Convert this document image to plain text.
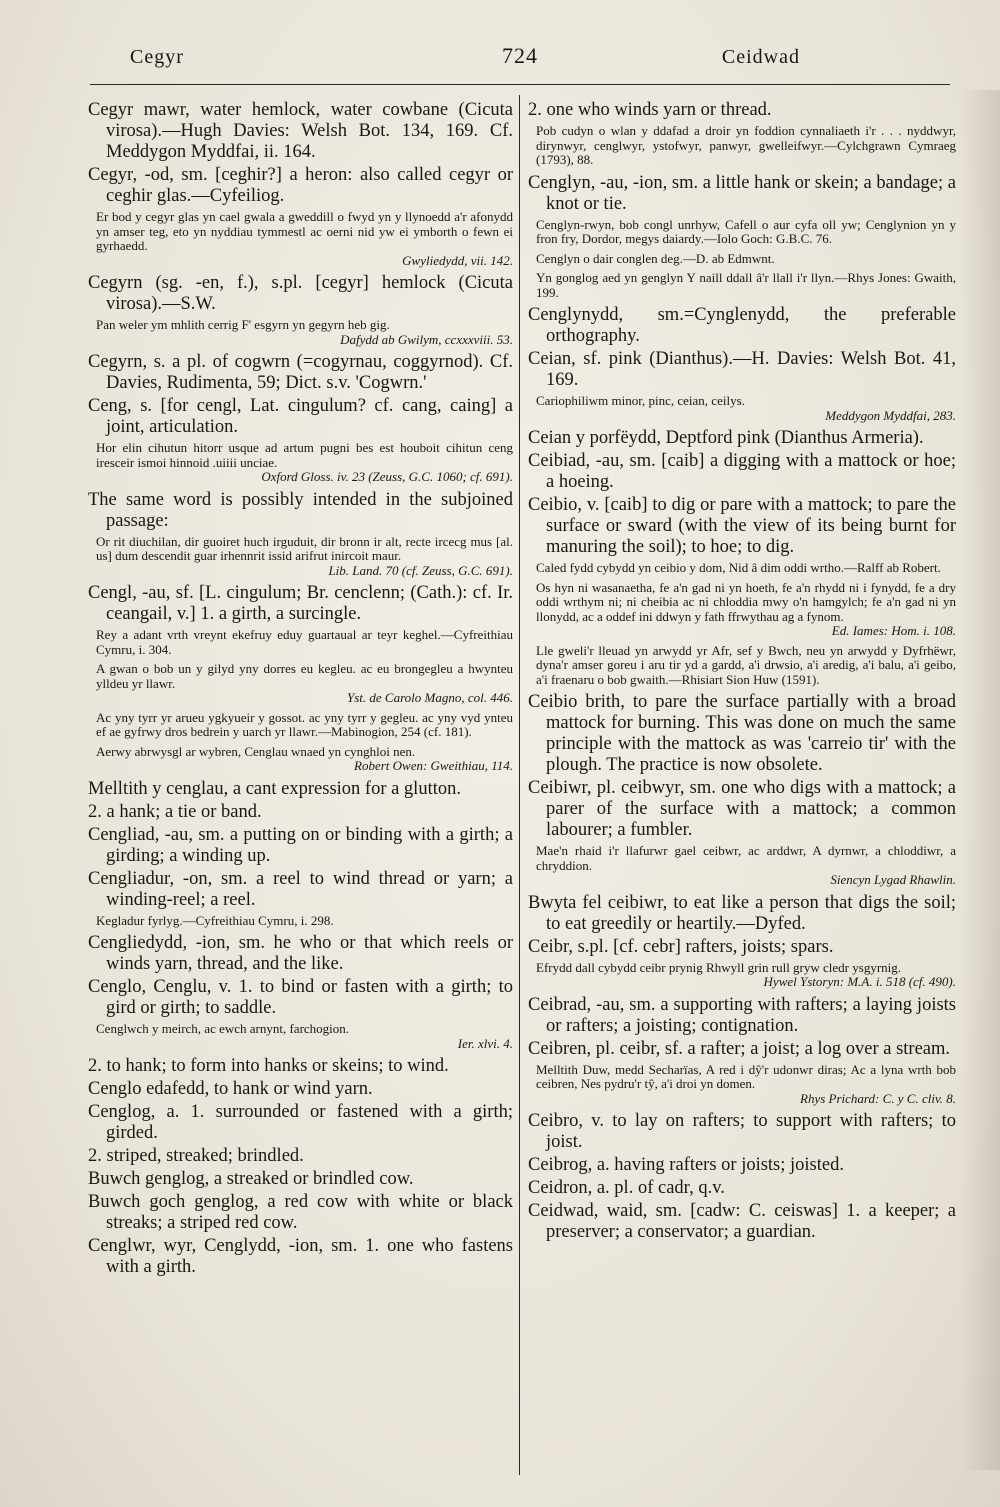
Cegyr	724	Ceidwad

Cegyr mawr, water hemlock, water cowbane (Cicuta virosa).—Hugh Davies: Welsh Bot. 134, 169. Cf. Meddygon Myddfai, ii. 164.

Cegyr, -od, sm. [ceghir?] a heron: also called cegyr or ceghir glas.—Cyfeiliog.

Er bod y cegyr glas yn cael gwala a gweddill o fwyd yn y llynoedd a'r afonydd yn amser teg, eto yn nyddiau tymmestl ac oerni nid yw ei ymborth o fewn ei gyrhaedd.
Gwyliedydd, vii. 142.

Cegyrn (sg. -en, f.), s.pl. [cegyr] hemlock (Cicuta virosa).—S.W.

Pan weler ym mhlith cerrig F' esgyrn yn gegyrn heb gig.
Dafydd ab Gwilym, ccxxxviii. 53.

Cegyrn, s. a pl. of cogwrn (=cogyrnau, coggyrnod). Cf. Davies, Rudimenta, 59; Dict. s.v. 'Cogwrn.'

Ceng, s. [for cengl, Lat. cingulum? cf. cang, caing] a joint, articulation.

Hor elin cihutun hitorr usque ad artum pugni bes est houboit cihitun ceng iresceir ismoi hinnoid .uiiii unciae.
Oxford Gloss. iv. 23 (Zeuss, G.C. 1060; cf. 691).

The same word is possibly intended in the subjoined passage:

Or rit diuchilan, dir guoiret huch irguduit, dir bronn ir alt, recte ircecg mus [al. us] dum descendit guar irhennrit issid arifrut inircoit maur.
Lib. Land. 70 (cf. Zeuss, G.C. 691).

Cengl, -au, sf. [L. cingulum; Br. cenclenn; (Cath.): cf. Ir. ceangail, v.] 1. a girth, a surcingle.

Rey a adant vrth vreynt ekefruy eduy guartaual ar teyr keghel.—Cyfreithiau Cymru, i. 304.
A gwan o bob un y gilyd yny dorres eu kegleu. ac eu brongegleu a hwynteu ylldeu yr llawr.
Yst. de Carolo Magno, col. 446.
Ac yny tyrr yr arueu ygkyueir y gossot. ac yny tyrr y gegleu. ac yny vyd ynteu ef ae gyfrwy dros bedrein y uarch yr llawr.—Mabinogion, 254 (cf. 181).
Aerwy abrwysgl ar wybren, Cenglau wnaed yn cynghloi nen.
Robert Owen: Gweithiau, 114.

Melltith y cenglau, a cant expression for a glutton.

2. a hank; a tie or band.

Cengliad, -au, sm. a putting on or binding with a girth; a girding; a winding up.

Cengliadur, -on, sm. a reel to wind thread or yarn; a winding-reel; a reel.

Kegladur fyrlyg.—Cyfreithiau Cymru, i. 298.

Cengliedydd, -ion, sm. he who or that which reels or winds yarn, thread, and the like.

Cenglo, Cenglu, v. 1. to bind or fasten with a girth; to gird or girth; to saddle.

Cenglwch y meirch, ac ewch arnynt, farchogion.
Ier. xlvi. 4.

2. to hank; to form into hanks or skeins; to wind.

Cenglo edafedd, to hank or wind yarn.

Cenglog, a. 1. surrounded or fastened with a girth; girded.

2. striped, streaked; brindled.

Buwch genglog, a streaked or brindled cow.

Buwch goch genglog, a red cow with white or black streaks; a striped red cow.

Cenglwr, wyr, Cenglydd, -ion, sm. 1. one who fastens with a girth.

2. one who winds yarn or thread.

Pob cudyn o wlan y ddafad a droir yn foddion cynnaliaeth i'r . . . nyddwyr, dirynwyr, cenglwyr, ystofwyr, panwyr, gwelleifwyr.—Cylchgrawn Cymraeg (1793), 88.

Cenglyn, -au, -ion, sm. a little hank or skein; a bandage; a knot or tie.

Cenglyn-rwyn, bob congl unrhyw, Cafell o aur cyfa oll yw; Cenglynion yn y fron fry, Dordor, megys daiardy.—Iolo Goch: G.B.C. 76.
Cenglyn o dair conglen deg.—D. ab Edmwnt.
Yn gonglog aed yn genglyn Y naill ddall â'r llall i'r llyn.—Rhys Jones: Gwaith, 199.

Cenglynydd, sm.=Cynglenydd, the preferable orthography.

Ceian, sf. pink (Dianthus).—H. Davies: Welsh Bot. 41, 169.

Cariophiliwm minor, pinc, ceian, ceilys.
Meddygon Myddfai, 283.

Ceian y porfëydd, Deptford pink (Dianthus Armeria).

Ceibiad, -au, sm. [caib] a digging with a mattock or hoe; a hoeing.

Ceibio, v. [caib] to dig or pare with a mattock; to pare the surface or sward (with the view of its being burnt for manuring the soil); to hoe; to dig.

Caled fydd cybydd yn ceibio y dom, Nid â dim oddi wrtho.—Ralff ab Robert.
Os hyn ni wasanaetha, fe a'n gad ni yn hoeth, fe a'n rhydd ni i fynydd, fe a dry oddi wrthym ni; ni cheibia ac ni chloddia mwy o'n hamgylch; fe a'n gad ni yn llonydd, ac a oddef ini ddwyn y fath ffrwythau ag a fynom.
Ed. Iames: Hom. i. 108.
Lle gweli'r lleuad yn arwydd yr Afr, sef y Bwch, neu yn arwydd y Dyfrhëwr, dyna'r amser goreu i aru tir yd a gardd, a'i drwsio, a'i aredig, a'i balu, a'i geibo, a'i fraenaru o bob gwaith.—Rhisiart Sion Huw (1591).

Ceibio brith, to pare the surface partially with a broad mattock for burning. This was done on much the same principle with the mattock as was 'carreio tir' with the plough. The practice is now obsolete.

Ceibiwr, pl. ceibwyr, sm. one who digs with a mattock; a parer of the surface with a mattock; a common labourer; a fumbler.

Mae'n rhaid i'r llafurwr gael ceibwr, ac arddwr, A dyrnwr, a chloddiwr, a chryddion.
Siencyn Lygad Rhawlin.

Bwyta fel ceibiwr, to eat like a person that digs the soil; to eat greedily or heartily.—Dyfed.

Ceibr, s.pl. [cf. cebr] rafters, joists; spars.

Efrydd dall cybydd ceibr prynig Rhwyll grin rull gryw cledr ysgyrnig.
Hywel Ystoryn: M.A. i. 518 (cf. 490).

Ceibrad, -au, sm. a supporting with rafters; a laying joists or rafters; a joisting; contignation.

Ceibren, pl. ceibr, sf. a rafter; a joist; a log over a stream.

Melltith Duw, medd Secharïas, A red i dŷ'r udonwr diras; Ac a lyna wrth bob ceibren, Nes pydru'r tŷ, a'i droi yn domen.
Rhys Prichard: C. y C. cliv. 8.

Ceibro, v. to lay on rafters; to support with rafters; to joist.

Ceibrog, a. having rafters or joists; joisted.

Ceidron, a. pl. of cadr, q.v.

Ceidwad, waid, sm. [cadw: C. ceiswas] 1. a keeper; a preserver; a conservator; a guardian.
